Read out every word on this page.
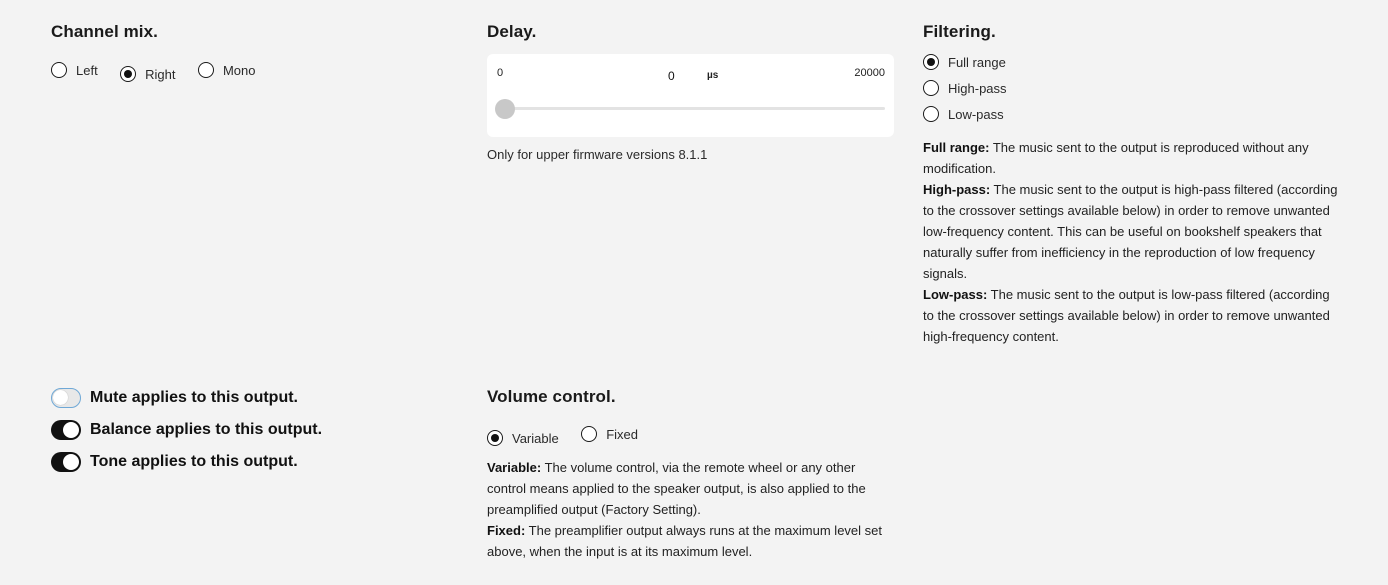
Channel mix.
Left
	Right
	Mono
Delay.
0	0	µs	20000
Only for upper firmware versions 8.1.1
Filtering.
Full range
High-pass
Low-pass
Full range: The music sent to the output is reproduced without any modification.
High-pass: The music sent to the output is high-pass filtered (according to the crossover settings available below) in order to remove unwanted low-frequency content. This can be useful on bookshelf speakers that naturally suffer from inefficiency in the reproduction of low frequency signals.
Low-pass: The music sent to the output is low-pass filtered (according to the crossover settings available below) in order to remove unwanted high-frequency content.
Mute applies to this output.
Balance applies to this output.
Tone applies to this output.
Volume control.
Variable
	Fixed
Variable: The volume control, via the remote wheel or any other control means applied to the speaker output, is also applied to the preamplified output (Factory Setting).
Fixed: The preamplifier output always runs at the maximum level set above, when the input is at its maximum level.
